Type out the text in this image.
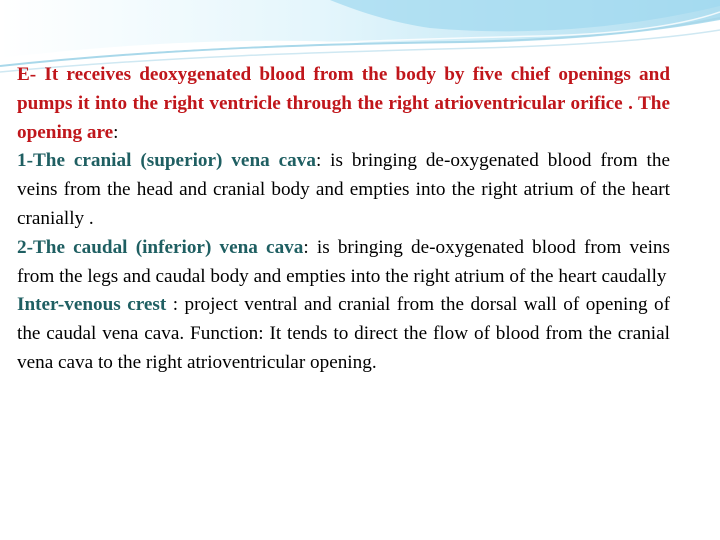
E- It receives deoxygenated blood from the body by five chief openings and pumps it into the right ventricle through the right atrioventricular orifice . The opening are:

1-The cranial (superior) vena cava: is bringing de-oxygenated blood from the veins from the head and cranial body and empties into the right atrium of the heart cranially .

2-The caudal (inferior) vena cava: is bringing de-oxygenated blood from veins from the legs and caudal body and empties into the right atrium of the heart caudally

Inter-venous crest : project ventral and cranial from the dorsal wall of opening of the caudal vena cava. Function: It tends to direct the flow of blood from the cranial vena cava to the right atrioventricular opening.
